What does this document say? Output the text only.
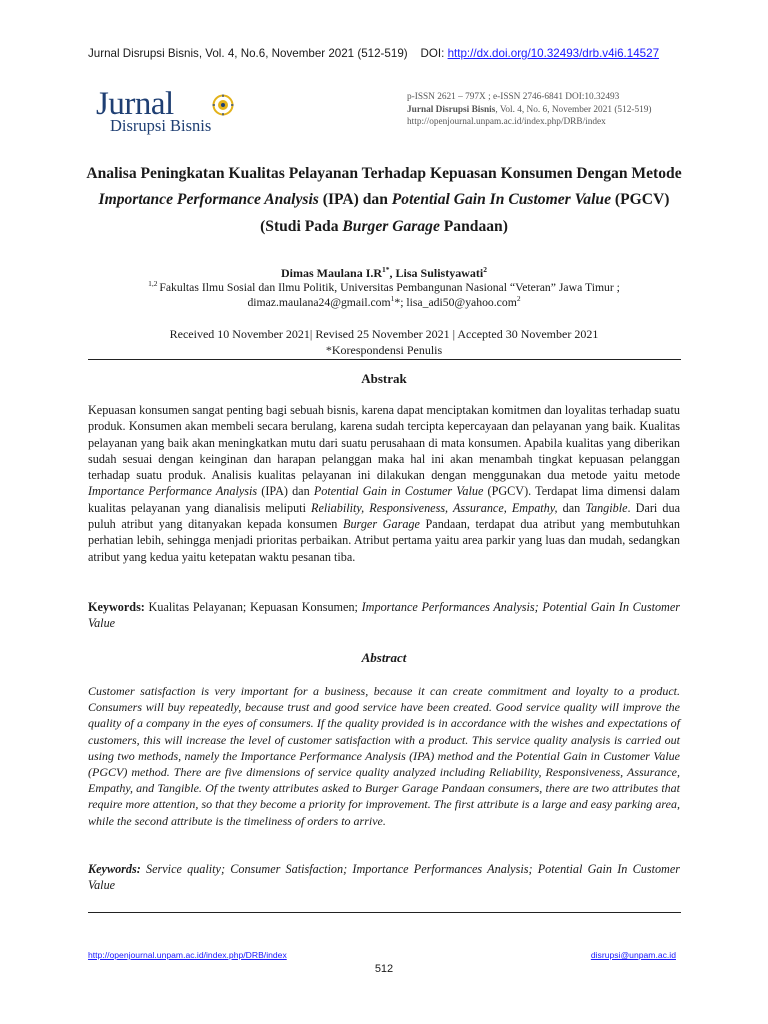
Jurnal Disrupsi Bisnis, Vol. 4, No.6, November 2021 (512-519) DOI: http://dx.doi.org/10.32493/drb.v4i6.14527
Jurnal
Disrupsi Bisnis
p-ISSN 2621 – 797X ; e-ISSN 2746-6841 DOI:10.32493
Jurnal Disrupsi Bisnis, Vol. 4, No. 6, November 2021 (512-519)
http://openjournal.unpam.ac.id/index.php/DRB/index
Analisa Peningkatan Kualitas Pelayanan Terhadap Kepuasan Konsumen Dengan Metode
Importance Performance Analysis (IPA) dan Potential Gain In Customer Value (PGCV)
(Studi Pada Burger Garage Pandaan)
Dimas Maulana $I.R^{1*}$, Lisa Sulistyawati$^2$
$^{1,2}$ Fakultas Ilmu Sosial dan Ilmu Politik, Universitas Pembangunan Nasional “Veteran” Jawa Timur ;
dimaz.maulana24@gmail.com$^1$*; lisa_adi50@yahoo.com$^2$
Received 10 November 2021| Revised 25 November 2021 | Accepted 30 November 2021
*Korespondensi Penulis
Abstrak
Kepuasan konsumen sangat penting bagi sebuah bisnis, karena dapat menciptakan komitmen dan loyalitas terhadap suatu produk. Konsumen akan membeli secara berulang, karena sudah tercipta kepercayaan dan pelayanan yang baik. Kualitas pelayanan yang baik akan meningkatkan mutu dari suatu perusahaan di mata konsumen. Apabila kualitas yang diberikan sudah sesuai dengan keinginan dan harapan pelanggan maka hal ini akan menambah tingkat kepuasan pelanggan terhadap suatu produk. Analisis kualitas pelayanan ini dilakukan dengan menggunakan dua metode yaitu metode Importance Performance Analysis (IPA) dan Potential Gain in Costumer Value (PGCV). Terdapat lima dimensi dalam kualitas pelayanan yang dianalisis meliputi Reliability, Responsiveness, Assurance, Empathy, dan Tangible. Dari dua puluh atribut yang ditanyakan kepada konsumen Burger Garage Pandaan, terdapat dua atribut yang membutuhkan perhatian lebih, sehingga menjadi prioritas perbaikan. Atribut pertama yaitu area parkir yang luas dan mudah, sedangkan atribut yang kedua yaitu ketepatan waktu pesanan tiba.
Keywords: Kualitas Pelayanan; Kepuasan Konsumen; Importance Performances Analysis; Potential Gain In Customer Value
Abstract
Customer satisfaction is very important for a business, because it can create commitment and loyalty to a product. Consumers will buy repeatedly, because trust and good service have been created. Good service quality will improve the quality of a company in the eyes of consumers. If the quality provided is in accordance with the wishes and expectations of customers, this will increase the level of customer satisfaction with a product. This service quality analysis is carried out using two methods, namely the Importance Performance Analysis (IPA) method and the Potential Gain in Customer Value (PGCV) method. There are five dimensions of service quality analyzed including Reliability, Responsiveness, Assurance, Empathy, and Tangible. Of the twenty attributes asked to Burger Garage Pandaan consumers, there are two attributes that require more attention, so that they become a priority for improvement. The first attribute is a large and easy parking area, while the second attribute is the timeliness of orders to arrive.
Keywords: Service quality; Consumer Satisfaction; Importance Performances Analysis; Potential Gain In Customer Value
http://openjournal.unpam.ac.id/index.php/DRB/index	disrupsi@unpam.ac.id
512
